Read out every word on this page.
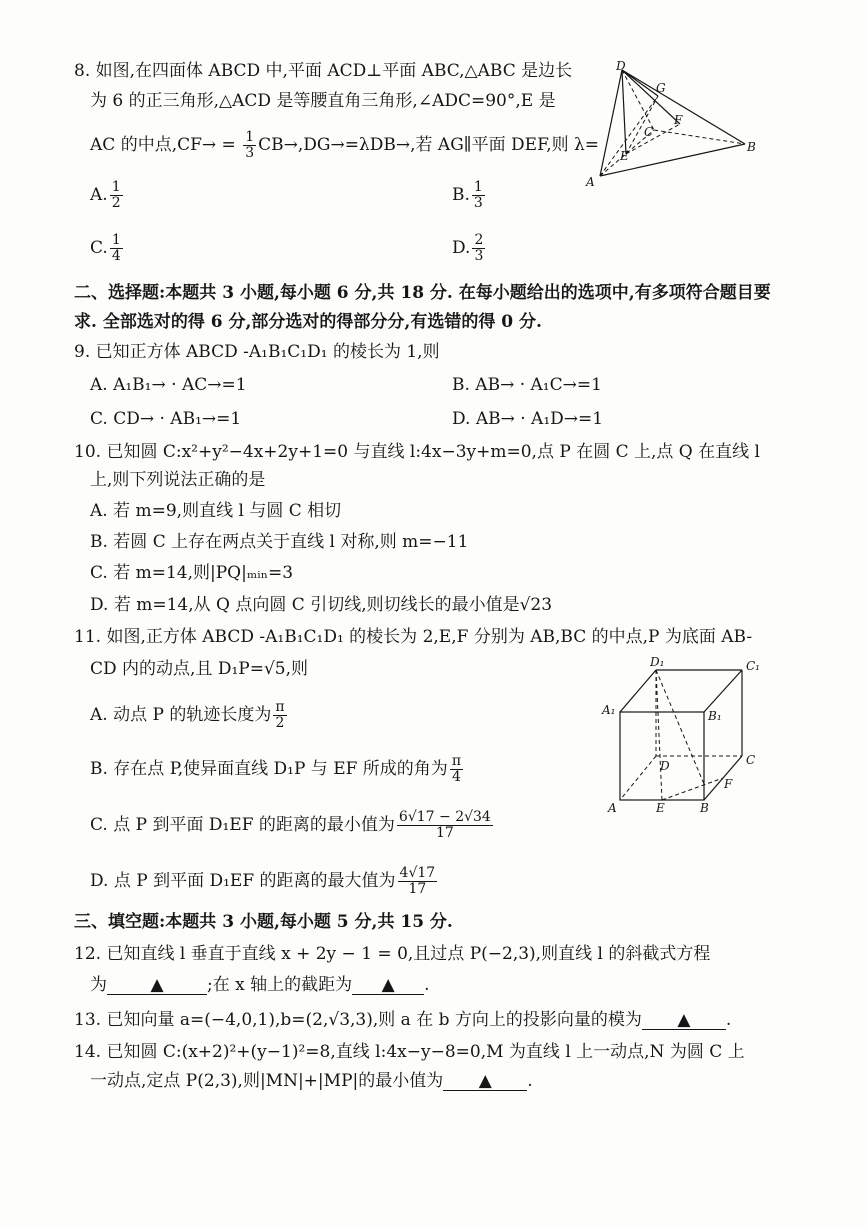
8. 如图,在四面体 ABCD 中,平面 ACD⊥平面 ABC,△ABC 是边长
为 6 的正三角形,△ACD 是等腰直角三角形,∠ADC=90°,E 是
AC 的中点$,CF\to = \frac{1}{3} CB\to,DG\to=\lambda DB\to$,若 AG∥平面 DEF,则 λ=
A. $\frac{1}{2}$	B. $\frac{1}{3}$
C. $\frac{1}{4}$	D. $\frac{2}{3}$
D
G
C
F
E
B
A
二、选择题:本题共 3 小题,每小题 6 分,共 18 分. 在每小题给出的选项中,有多项符合题目要
求. 全部选对的得 6 分,部分选对的得部分分,有选错的得 0 分.
9. 已知正方体 ABCD -A₁B₁C₁D₁ 的棱长为 1,则
A. A₁B₁→ · AC→=1	B. AB→ · A₁C→=1
C. CD→ · AB₁→=1	D. AB→ · A₁D→=1
10. 已知圆 C:x²+y²−4x+2y+1=0 与直线 l:4x−3y+m=0,点 P 在圆 C 上,点 Q 在直线 l
上,则下列说法正确的是
A. 若 m=9,则直线 l 与圆 C 相切
B. 若圆 C 上存在两点关于直线 l 对称,则 m=−11
C. 若 m=14,则|PQ|ₘᵢₙ=3
D. 若 m=14,从 Q 点向圆 C 引切线,则切线长的最小值是√23
11. 如图,正方体 ABCD -A₁B₁C₁D₁ 的棱长为 2,E,F 分别为 AB,BC 的中点,P 为底面 AB-
CD 内的动点,且 D₁P=√5,则
A. 动点 P 的轨迹长度为 $\frac{\pi}{2}$
B. 存在点 P,使异面直线 D₁P 与 EF 所成的角为 $\frac{\pi}{4}$
C. 点 P 到平面 D₁EF 的距离的最小值为 $\frac{6√17 - 2√34}{17}$
D. 点 P 到平面 D₁EF 的距离的最大值为 $\frac{4√17}{17}$
D₁	C₁
A₁	B₁
D	C
F
A	E	B
三、填空题:本题共 3 小题,每小题 5 分,共 15 分.
12. 已知直线 l 垂直于直线 x + 2y − 1 = 0,且过点 P(−2,3),则直线 l 的斜截式方程
为	▲	;在 x 轴上的截距为 ▲ .
13. 已知向量 a=(−4,0,1),b=(2,√3,3),则 a 在 b 方向上的投影向量的模为 ▲ .
14. 已知圆 C:(x+2)²+(y−1)²=8,直线 l:4x−y−8=0,M 为直线 l 上一动点,N 为圆 C 上
一动点,定点 P(2,3),则|MN|+|MP|的最小值为 ▲ .
